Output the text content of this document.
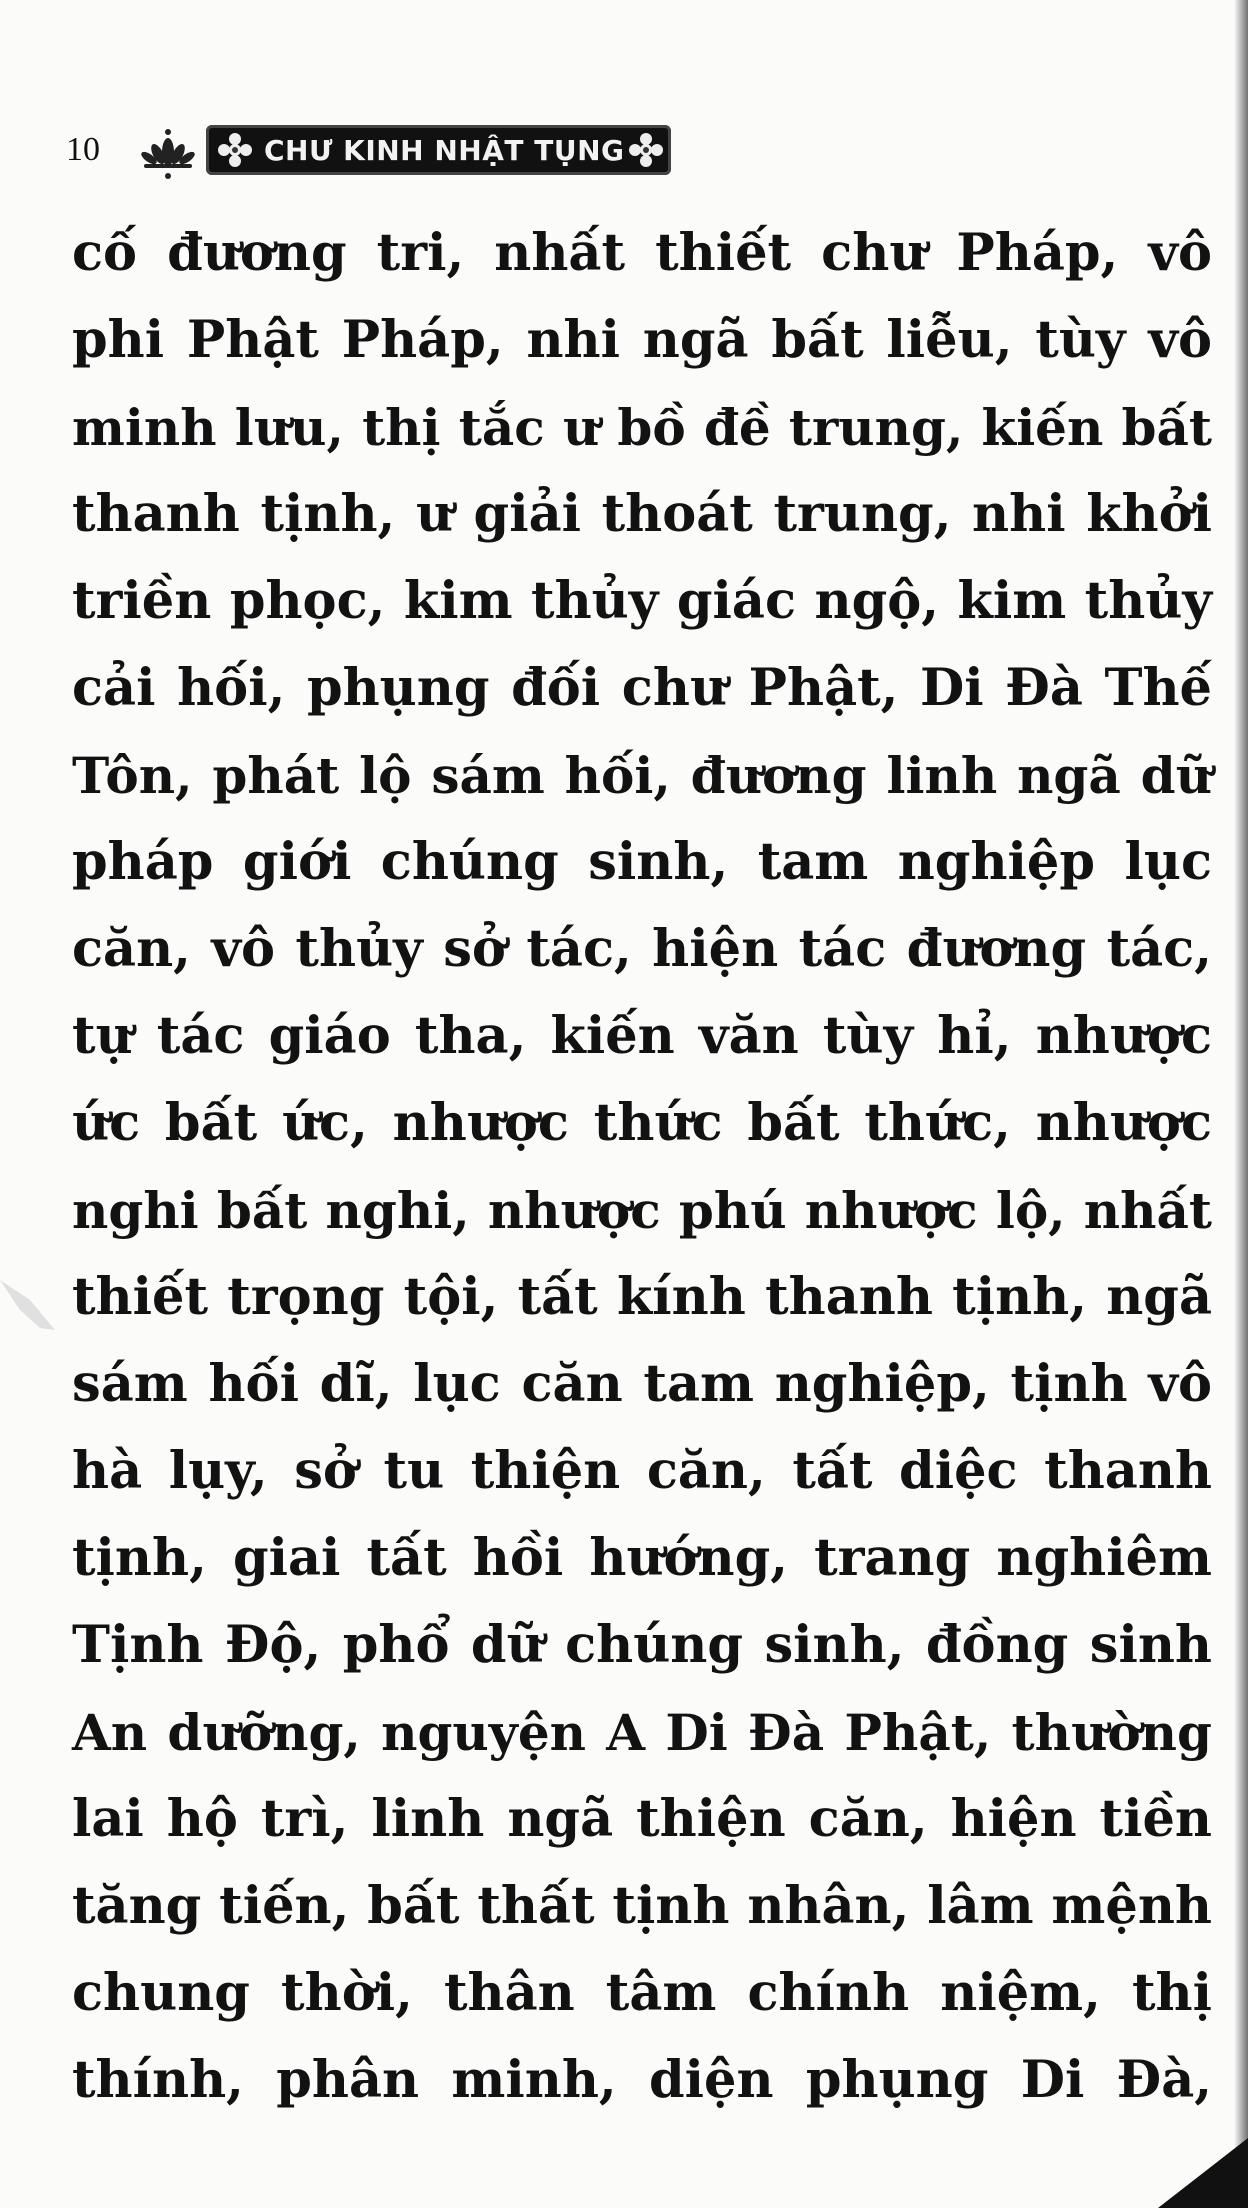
10	CHƯ KINH NHẬT TỤNG
cố đương tri, nhất thiết chư Pháp, vô
phi Phật Pháp, nhi ngã bất liễu, tùy vô
minh lưu, thị tắc ư bồ đề trung, kiến bất
thanh tịnh, ư giải thoát trung, nhi khởi
triền phọc, kim thủy giác ngộ, kim thủy
cải hối, phụng đối chư Phật, Di Đà Thế
Tôn, phát lộ sám hối, đương linh ngã dữ
pháp giới chúng sinh, tam nghiệp lục
căn, vô thủy sở tác, hiện tác đương tác,
tự tác giáo tha, kiến văn tùy hỉ, nhược
ức bất ức, nhược thức bất thức, nhược
nghi bất nghi, nhược phú nhược lộ, nhất
thiết trọng tội, tất kính thanh tịnh, ngã
sám hối dĩ, lục căn tam nghiệp, tịnh vô
hà lụy, sở tu thiện căn, tất diệc thanh
tịnh, giai tất hồi hướng, trang nghiêm
Tịnh Độ, phổ dữ chúng sinh, đồng sinh
An dưỡng, nguyện A Di Đà Phật, thường
lai hộ trì, linh ngã thiện căn, hiện tiền
tăng tiến, bất thất tịnh nhân, lâm mệnh
chung thời, thân tâm chính niệm, thị
thính, phân minh, diện phụng Di Đà,
